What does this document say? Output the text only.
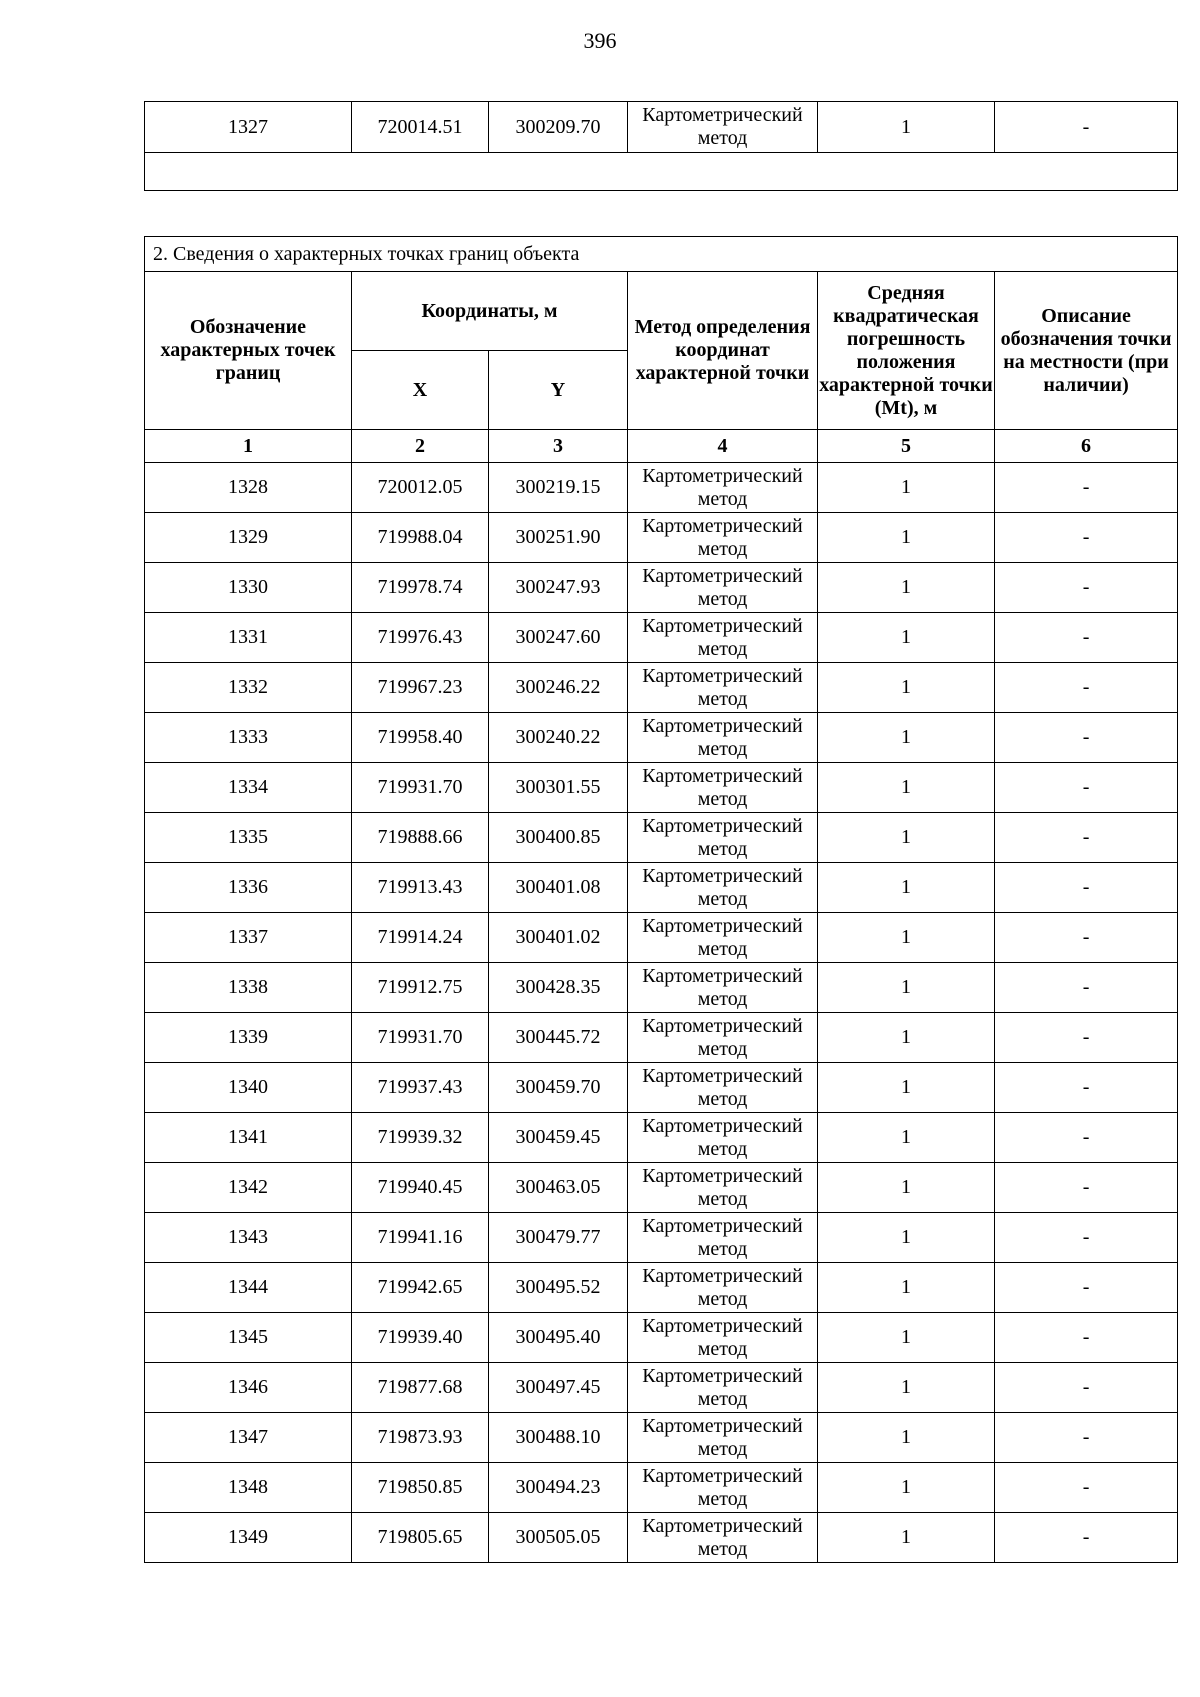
396
1327	720014.51	300209.70	Картометрический метод	1	-

2. Сведения о характерных точках границ объекта					
Обозначение характерных точек границ	Координаты, м		Метод определения координат характерной точки	Средняя квадратическая погрешность положения характерной точки (Mt), м	Описание обозначения точки на местности (при наличии)
	X	Y			
1	2	3	4	5	6
1328	720012.05	300219.15	Картометрический метод	1	-
1329	719988.04	300251.90	Картометрический метод	1	-
1330	719978.74	300247.93	Картометрический метод	1	-
1331	719976.43	300247.60	Картометрический метод	1	-
1332	719967.23	300246.22	Картометрический метод	1	-
1333	719958.40	300240.22	Картометрический метод	1	-
1334	719931.70	300301.55	Картометрический метод	1	-
1335	719888.66	300400.85	Картометрический метод	1	-
1336	719913.43	300401.08	Картометрический метод	1	-
1337	719914.24	300401.02	Картометрический метод	1	-
1338	719912.75	300428.35	Картометрический метод	1	-
1339	719931.70	300445.72	Картометрический метод	1	-
1340	719937.43	300459.70	Картометрический метод	1	-
1341	719939.32	300459.45	Картометрический метод	1	-
1342	719940.45	300463.05	Картометрический метод	1	-
1343	719941.16	300479.77	Картометрический метод	1	-
1344	719942.65	300495.52	Картометрический метод	1	-
1345	719939.40	300495.40	Картометрический метод	1	-
1346	719877.68	300497.45	Картометрический метод	1	-
1347	719873.93	300488.10	Картометрический метод	1	-
1348	719850.85	300494.23	Картометрический метод	1	-
1349	719805.65	300505.05	Картометрический метод	1	-
